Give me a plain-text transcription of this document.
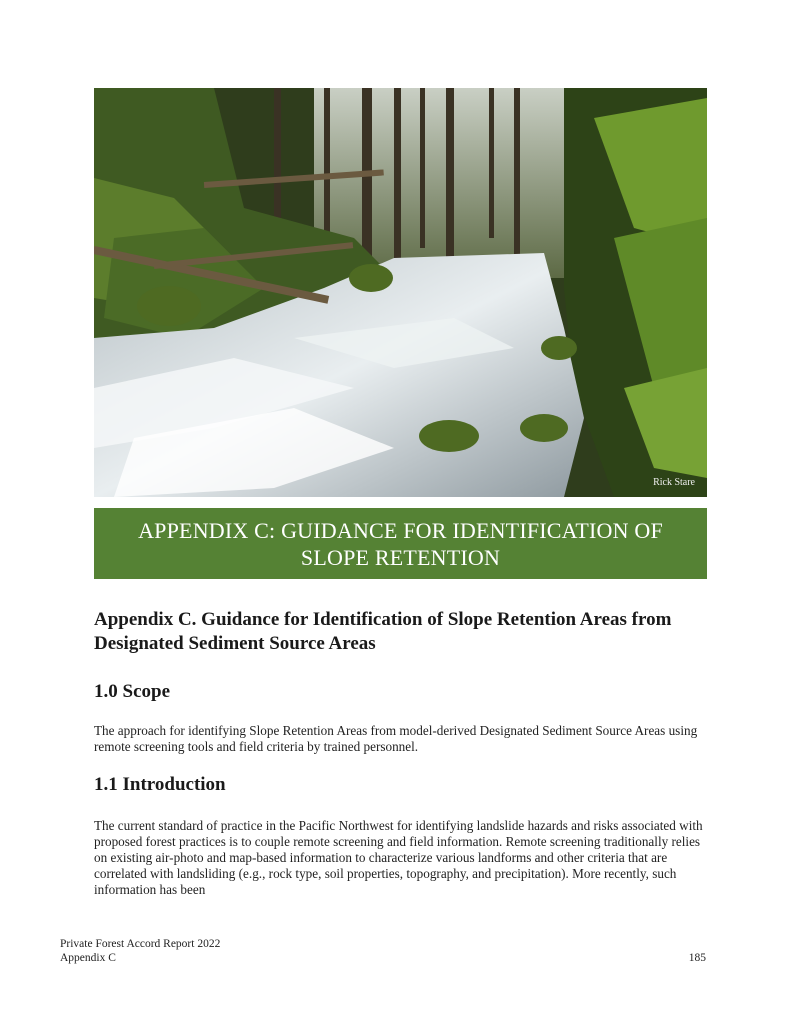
Rick Stare
APPENDIX C: GUIDANCE FOR IDENTIFICATION OF SLOPE RETENTION
Appendix C. Guidance for Identification of Slope Retention Areas from Designated Sediment Source Areas
1.0 Scope

The approach for identifying Slope Retention Areas from model-derived Designated Sediment Source Areas using remote screening tools and field criteria by trained personnel.

1.1 Introduction

The current standard of practice in the Pacific Northwest for identifying landslide hazards and risks associated with proposed forest practices is to couple remote screening and field information. Remote screening traditionally relies on existing air-photo and map-based information to characterize various landforms and other criteria that are correlated with landsliding (e.g., rock type, soil properties, topography, and precipitation). More recently, such information has been

Private Forest Accord Report 2022
Appendix C	185
